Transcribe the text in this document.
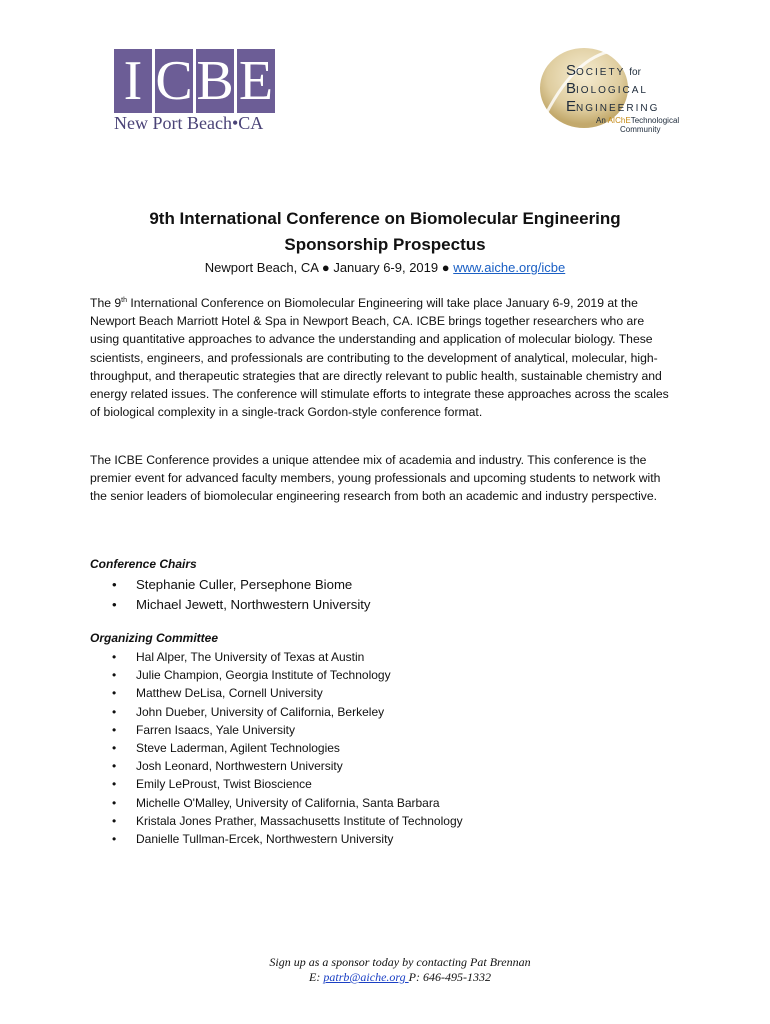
I C B E
New Port Beach•CA
SOCIETY for
BIOLOGICAL
ENGINEERING
An AIChETechnological
Community
9th International Conference on Biomolecular Engineering
Sponsorship Prospectus
Newport Beach, CA ● January 6-9, 2019 ● www.aiche.org/icbe

The 9th International Conference on Biomolecular Engineering will take place January 6-9, 2019 at the Newport Beach Marriott Hotel & Spa in Newport Beach, CA. ICBE brings together researchers who are using quantitative approaches to advance the understanding and application of molecular biology. These scientists, engineers, and professionals are contributing to the development of analytical, molecular, high-throughput, and therapeutic strategies that are directly relevant to public health, sustainable chemistry and energy related issues. The conference will stimulate efforts to integrate these approaches across the scales of biological complexity in a single-track Gordon-style conference format.

The ICBE Conference provides a unique attendee mix of academia and industry. This conference is the premier event for advanced faculty members, young professionals and upcoming students to network with the senior leaders of biomolecular engineering research from both an academic and industry perspective.

Conference Chairs
• Stephanie Culler, Persephone Biome
• Michael Jewett, Northwestern University
Organizing Committee
• Hal Alper, The University of Texas at Austin
• Julie Champion, Georgia Institute of Technology
• Matthew DeLisa, Cornell University
• John Dueber, University of California, Berkeley
• Farren Isaacs, Yale University
• Steve Laderman, Agilent Technologies
• Josh Leonard, Northwestern University
• Emily LeProust, Twist Bioscience
• Michelle O'Malley, University of California, Santa Barbara
• Kristala Jones Prather, Massachusetts Institute of Technology
• Danielle Tullman-Ercek, Northwestern University
Sign up as a sponsor today by contacting Pat Brennan
E: patrb@aiche.org P: 646-495-1332
